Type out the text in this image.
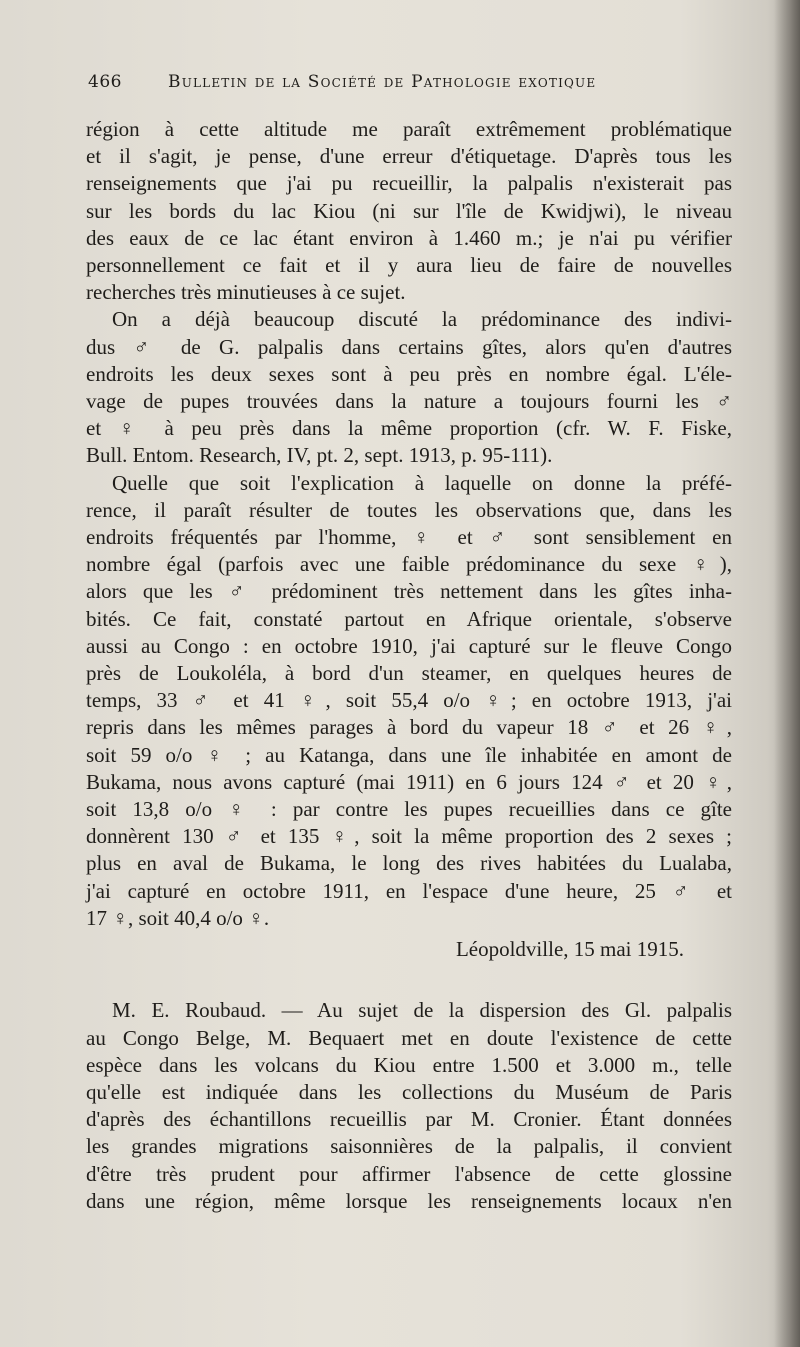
466	Bulletin de la Société de Pathologie exotique
région à cette altitude me paraît extrêmement problématique
et il s'agit, je pense, d'une erreur d'étiquetage. D'après tous les
renseignements que j'ai pu recueillir, la palpalis n'existerait pas
sur les bords du lac Kiou (ni sur l'île de Kwidjwi), le niveau
des eaux de ce lac étant environ à 1.460 m.; je n'ai pu vérifier
personnellement ce fait et il y aura lieu de faire de nouvelles
recherches très minutieuses à ce sujet.
On a déjà beaucoup discuté la prédominance des indivi-
dus ♂ de G. palpalis dans certains gîtes, alors qu'en d'autres
endroits les deux sexes sont à peu près en nombre égal. L'éle-
vage de pupes trouvées dans la nature a toujours fourni les ♂
et ♀ à peu près dans la même proportion (cfr. W. F. Fiske,
Bull. Entom. Research, IV, pt. 2, sept. 1913, p. 95-111).
Quelle que soit l'explication à laquelle on donne la préfé-
rence, il paraît résulter de toutes les observations que, dans les
endroits fréquentés par l'homme, ♀ et ♂ sont sensiblement en
nombre égal (parfois avec une faible prédominance du sexe ♀),
alors que les ♂ prédominent très nettement dans les gîtes inha-
bités. Ce fait, constaté partout en Afrique orientale, s'observe
aussi au Congo : en octobre 1910, j'ai capturé sur le fleuve Congo
près de Loukoléla, à bord d'un steamer, en quelques heures de
temps, 33 ♂ et 41 ♀, soit 55,4 o/o ♀; en octobre 1913, j'ai
repris dans les mêmes parages à bord du vapeur 18 ♂ et 26 ♀,
soit 59 o/o ♀ ; au Katanga, dans une île inhabitée en amont de
Bukama, nous avons capturé (mai 1911) en 6 jours 124 ♂ et 20 ♀,
soit 13,8 o/o ♀ : par contre les pupes recueillies dans ce gîte
donnèrent 130 ♂ et 135 ♀, soit la même proportion des 2 sexes ;
plus en aval de Bukama, le long des rives habitées du Lualaba,
j'ai capturé en octobre 1911, en l'espace d'une heure, 25 ♂ et
17 ♀, soit 40,4 o/o ♀.
Léopoldville, 15 mai 1915.
M. E. Roubaud. — Au sujet de la dispersion des Gl. palpalis
au Congo Belge, M. Bequaert met en doute l'existence de cette
espèce dans les volcans du Kiou entre 1.500 et 3.000 m., telle
qu'elle est indiquée dans les collections du Muséum de Paris
d'après des échantillons recueillis par M. Cronier. Étant données
les grandes migrations saisonnières de la palpalis, il convient
d'être très prudent pour affirmer l'absence de cette glossine
dans une région, même lorsque les renseignements locaux n'en
